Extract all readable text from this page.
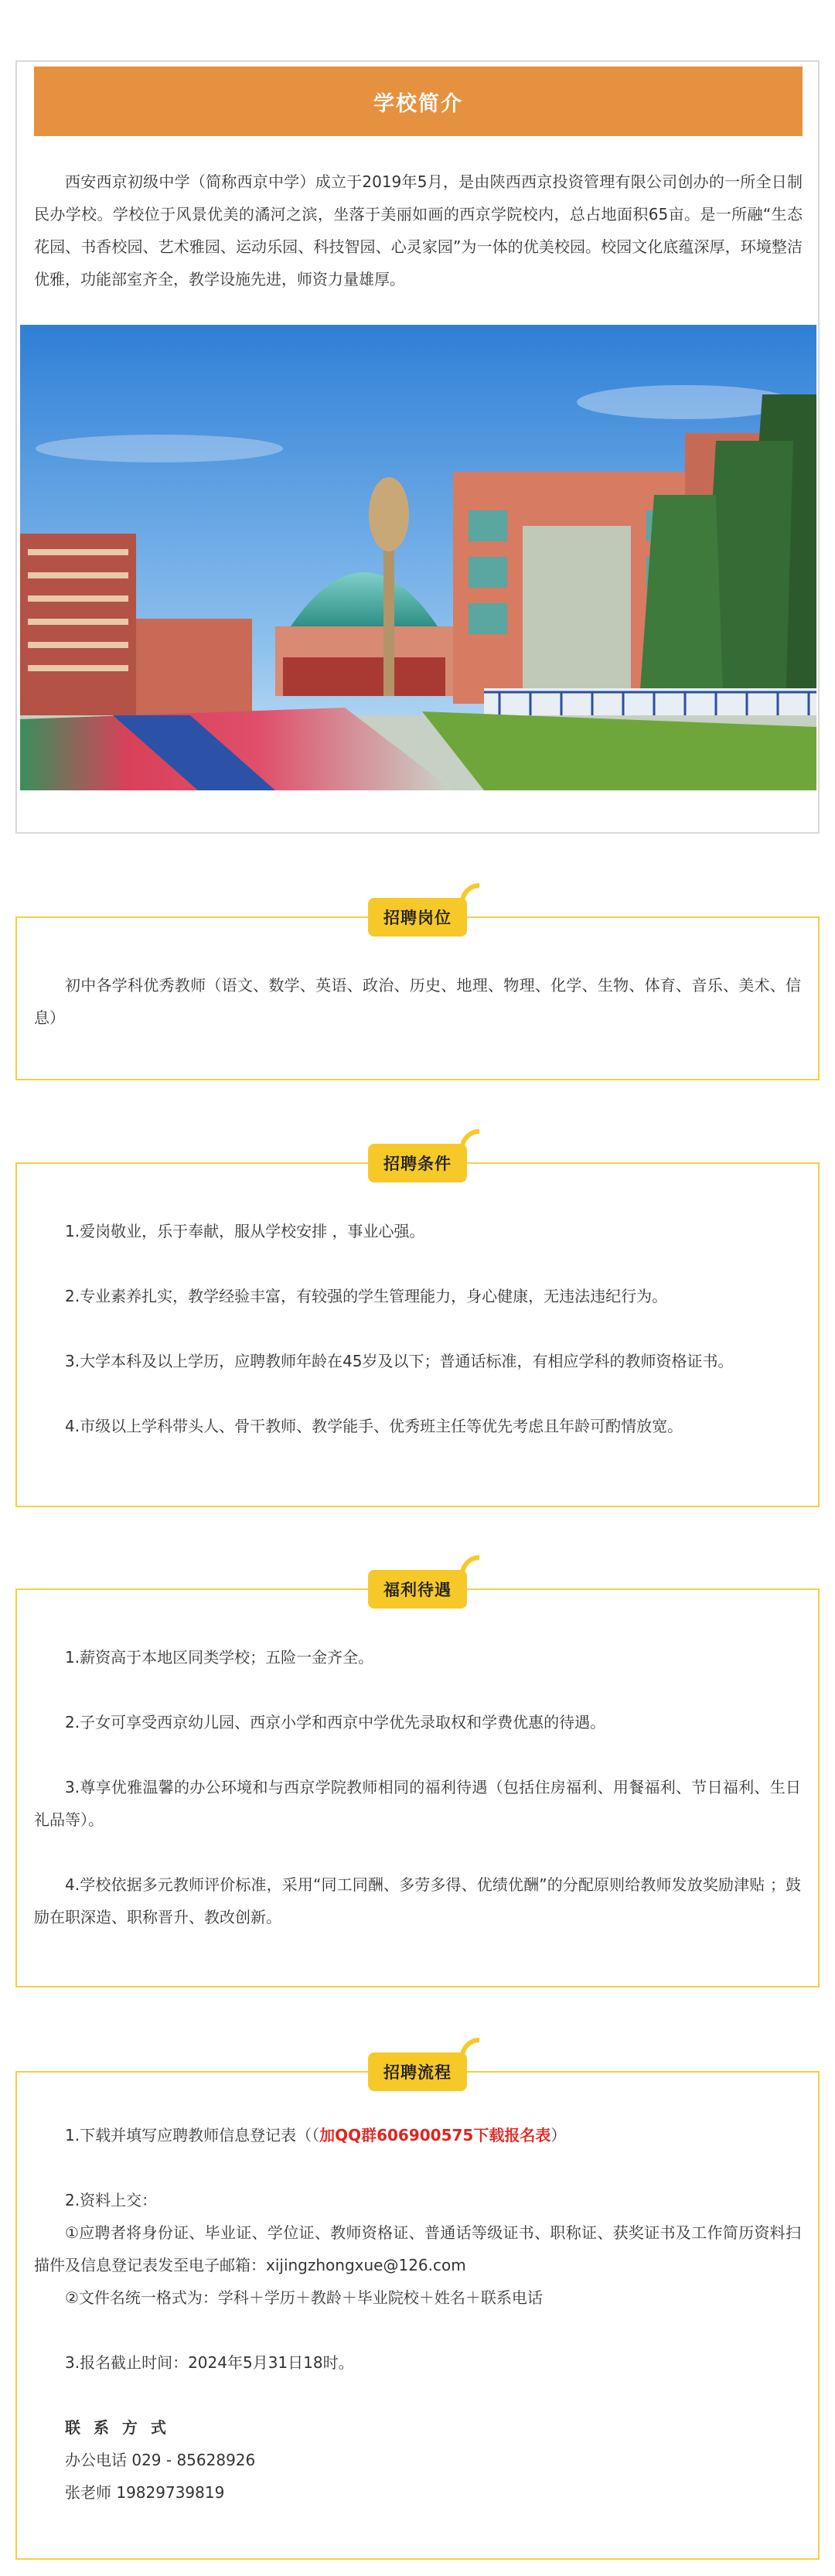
学校简介

西安西京初级中学（简称西京中学）成立于2019年5月，是由陕西西京投资管理有限公司创办的一所全日制民办学校。学校位于风景优美的潏河之滨，坐落于美丽如画的西京学院校内，总占地面积65亩。是一所融“生态花园、书香校园、艺术雅园、运动乐园、科技智园、心灵家园”为一体的优美校园。校园文化底蕴深厚，环境整洁优雅，功能部室齐全，教学设施先进，师资力量雄厚。

招聘岗位

初中各学科优秀教师（语文、数学、英语、政治、历史、地理、物理、化学、生物、体育、音乐、美术、信息）

招聘条件

1.爱岗敬业，乐于奉献，服从学校安排 ，事业心强。

2.专业素养扎实，教学经验丰富，有较强的学生管理能力，身心健康，无违法违纪行为。

3.大学本科及以上学历，应聘教师年龄在45岁及以下；普通话标准，有相应学科的教师资格证书。

4.市级以上学科带头人、骨干教师、教学能手、优秀班主任等优先考虑且年龄可酌情放宽。

福利待遇

1.薪资高于本地区同类学校；五险一金齐全。

2.子女可享受西京幼儿园、西京小学和西京中学优先录取权和学费优惠的待遇。

3.尊享优雅温馨的办公环境和与西京学院教师相同的福利待遇（包括住房福利、用餐福利、节日福利、生日礼品等）。

4.学校依据多元教师评价标准，采用“同工同酬、多劳多得、优绩优酬”的分配原则给教师发放奖励津贴 ；鼓励在职深造、职称晋升、教改创新。

招聘流程

1.下载并填写应聘教师信息登记表（（加QQ群606900575下载报名表）

2.资料上交：

①应聘者将身份证、毕业证、学位证、教师资格证、普通话等级证书、职称证、获奖证书及工作简历资料扫描件及信息登记表发至电子邮箱：xijingzhongxue@126.com

②文件名统一格式为：学科＋学历＋教龄＋毕业院校＋姓名＋联系电话

3.报名截止时间：2024年5月31日18时。

联 系 方 式

办公电话 029 - 85628926

张老师 19829739819
